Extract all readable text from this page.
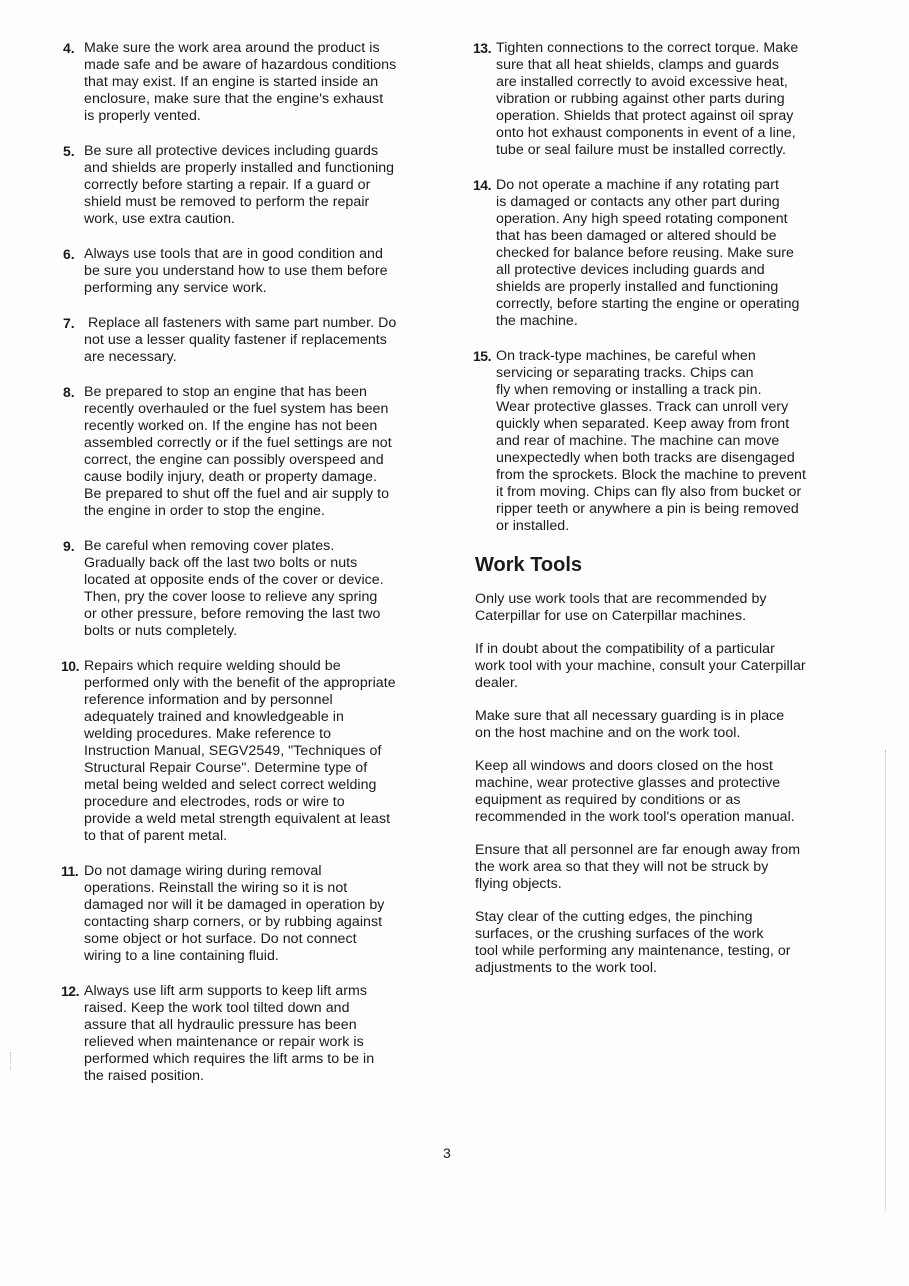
4. Make sure the work area around the product is
made safe and be aware of hazardous conditions
that may exist. If an engine is started inside an
enclosure, make sure that the engine's exhaust
is properly vented.
5. Be sure all protective devices including guards
and shields are properly installed and functioning
correctly before starting a repair. If a guard or
shield must be removed to perform the repair
work, use extra caution.
6. Always use tools that are in good condition and
be sure you understand how to use them before
performing any service work.
7. Replace all fasteners with same part number. Do
not use a lesser quality fastener if replacements
are necessary.
8. Be prepared to stop an engine that has been
recently overhauled or the fuel system has been
recently worked on. If the engine has not been
assembled correctly or if the fuel settings are not
correct, the engine can possibly overspeed and
cause bodily injury, death or property damage.
Be prepared to shut off the fuel and air supply to
the engine in order to stop the engine.
9. Be careful when removing cover plates.
Gradually back off the last two bolts or nuts
located at opposite ends of the cover or device.
Then, pry the cover loose to relieve any spring
or other pressure, before removing the last two
bolts or nuts completely.
10. Repairs which require welding should be
performed only with the benefit of the appropriate
reference information and by personnel
adequately trained and knowledgeable in
welding procedures. Make reference to
Instruction Manual, SEGV2549, "Techniques of
Structural Repair Course". Determine type of
metal being welded and select correct welding
procedure and electrodes, rods or wire to
provide a weld metal strength equivalent at least
to that of parent metal.
11. Do not damage wiring during removal
operations. Reinstall the wiring so it is not
damaged nor will it be damaged in operation by
contacting sharp corners, or by rubbing against
some object or hot surface. Do not connect
wiring to a line containing fluid.
12. Always use lift arm supports to keep lift arms
raised. Keep the work tool tilted down and
assure that all hydraulic pressure has been
relieved when maintenance or repair work is
performed which requires the lift arms to be in
the raised position.
13. Tighten connections to the correct torque. Make
sure that all heat shields, clamps and guards
are installed correctly to avoid excessive heat,
vibration or rubbing against other parts during
operation. Shields that protect against oil spray
onto hot exhaust components in event of a line,
tube or seal failure must be installed correctly.
14. Do not operate a machine if any rotating part
is damaged or contacts any other part during
operation. Any high speed rotating component
that has been damaged or altered should be
checked for balance before reusing. Make sure
all protective devices including guards and
shields are properly installed and functioning
correctly, before starting the engine or operating
the machine.
15. On track-type machines, be careful when
servicing or separating tracks. Chips can
fly when removing or installing a track pin.
Wear protective glasses. Track can unroll very
quickly when separated. Keep away from front
and rear of machine. The machine can move
unexpectedly when both tracks are disengaged
from the sprockets. Block the machine to prevent
it from moving. Chips can fly also from bucket or
ripper teeth or anywhere a pin is being removed
or installed.
Work Tools

Only use work tools that are recommended by
Caterpillar for use on Caterpillar machines.

If in doubt about the compatibility of a particular
work tool with your machine, consult your Caterpillar
dealer.

Make sure that all necessary guarding is in place
on the host machine and on the work tool.

Keep all windows and doors closed on the host
machine, wear protective glasses and protective
equipment as required by conditions or as
recommended in the work tool's operation manual.

Ensure that all personnel are far enough away from
the work area so that they will not be struck by
flying objects.

Stay clear of the cutting edges, the pinching
surfaces, or the crushing surfaces of the work
tool while performing any maintenance, testing, or
adjustments to the work tool.

3
